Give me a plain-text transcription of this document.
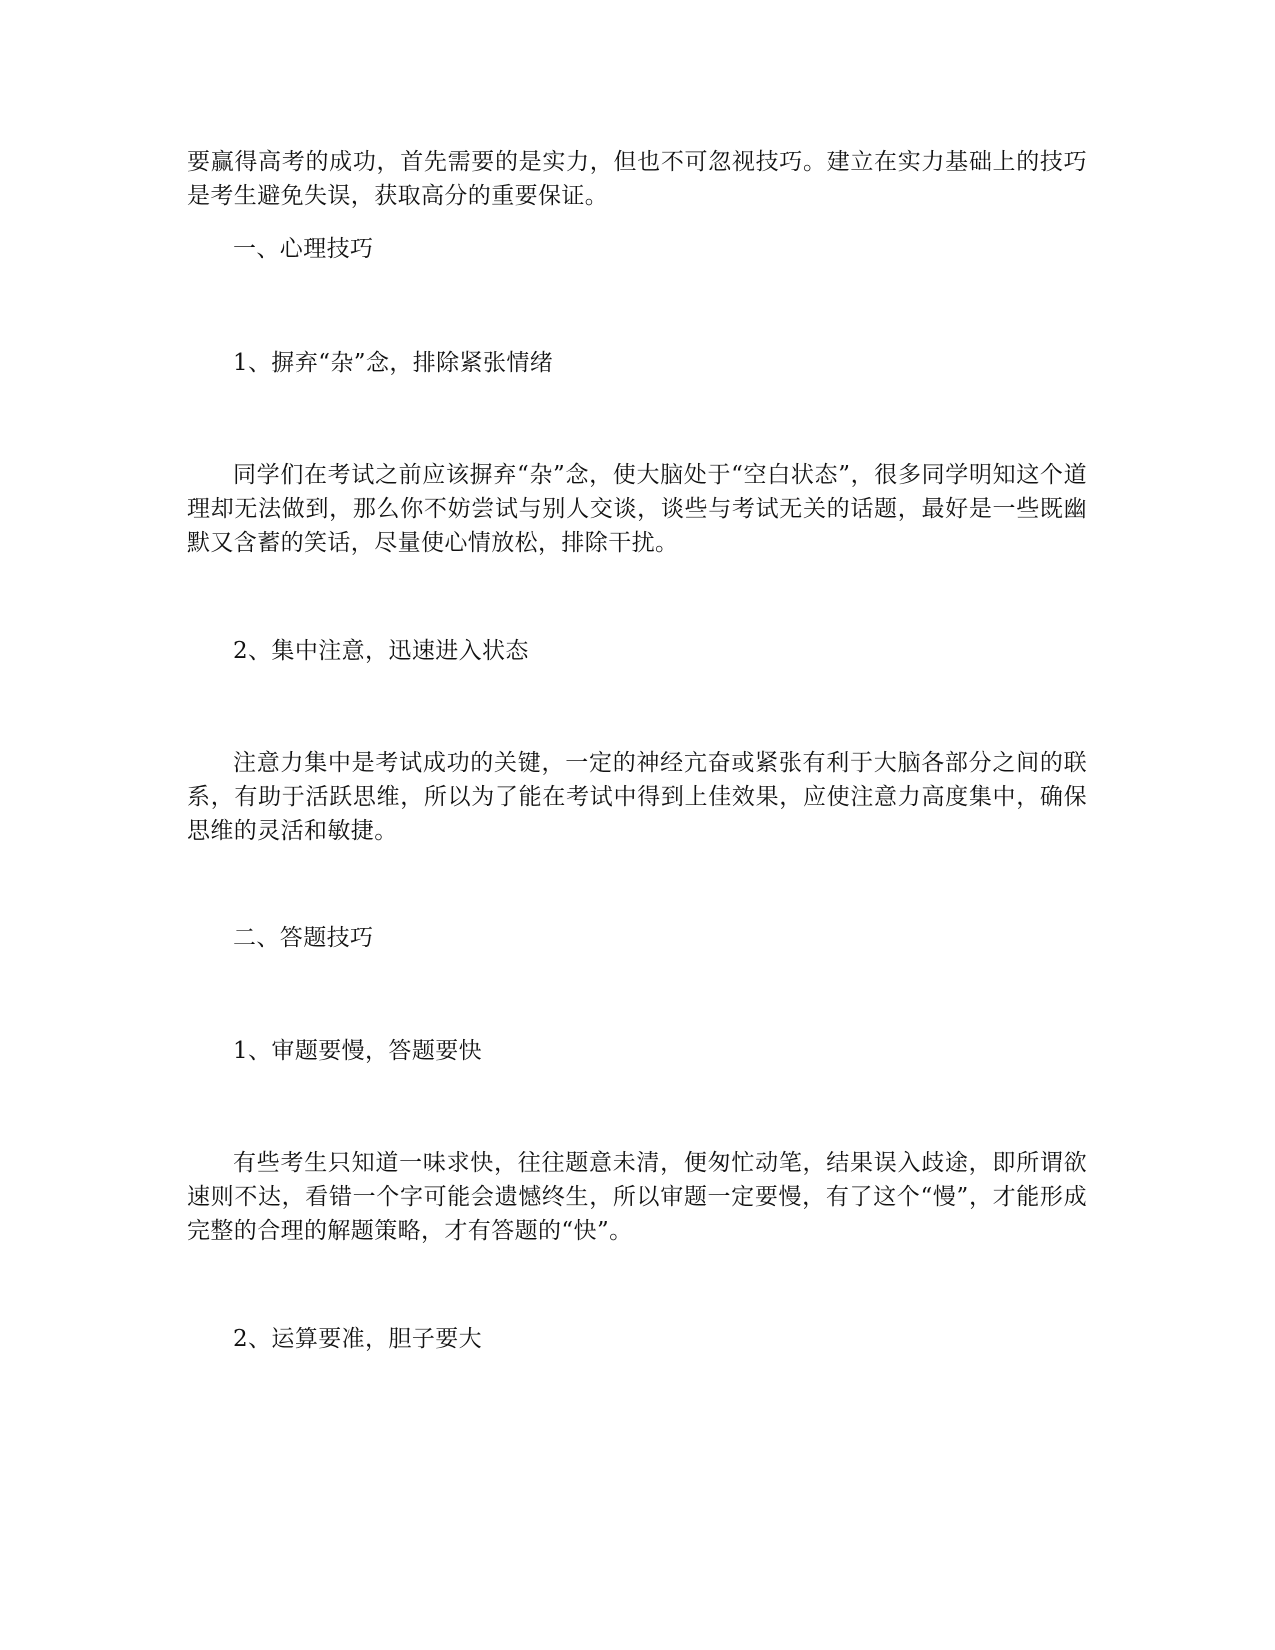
要赢得高考的成功，首先需要的是实力，但也不可忽视技巧。建立在实力基础上的技巧是考生避免失误，获取高分的重要保证。

一、心理技巧

1、摒弃“杂”念，排除紧张情绪

同学们在考试之前应该摒弃“杂”念，使大脑处于“空白状态”，很多同学明知这个道理却无法做到，那么你不妨尝试与别人交谈，谈些与考试无关的话题，最好是一些既幽默又含蓄的笑话，尽量使心情放松，排除干扰。

2、集中注意，迅速进入状态

注意力集中是考试成功的关键，一定的神经亢奋或紧张有利于大脑各部分之间的联系，有助于活跃思维，所以为了能在考试中得到上佳效果，应使注意力高度集中，确保思维的灵活和敏捷。

二、答题技巧

1、审题要慢，答题要快

有些考生只知道一味求快，往往题意未清，便匆忙动笔，结果误入歧途，即所谓欲速则不达，看错一个字可能会遗憾终生，所以审题一定要慢，有了这个“慢”，才能形成完整的合理的解题策略，才有答题的“快”。

2、运算要准，胆子要大
